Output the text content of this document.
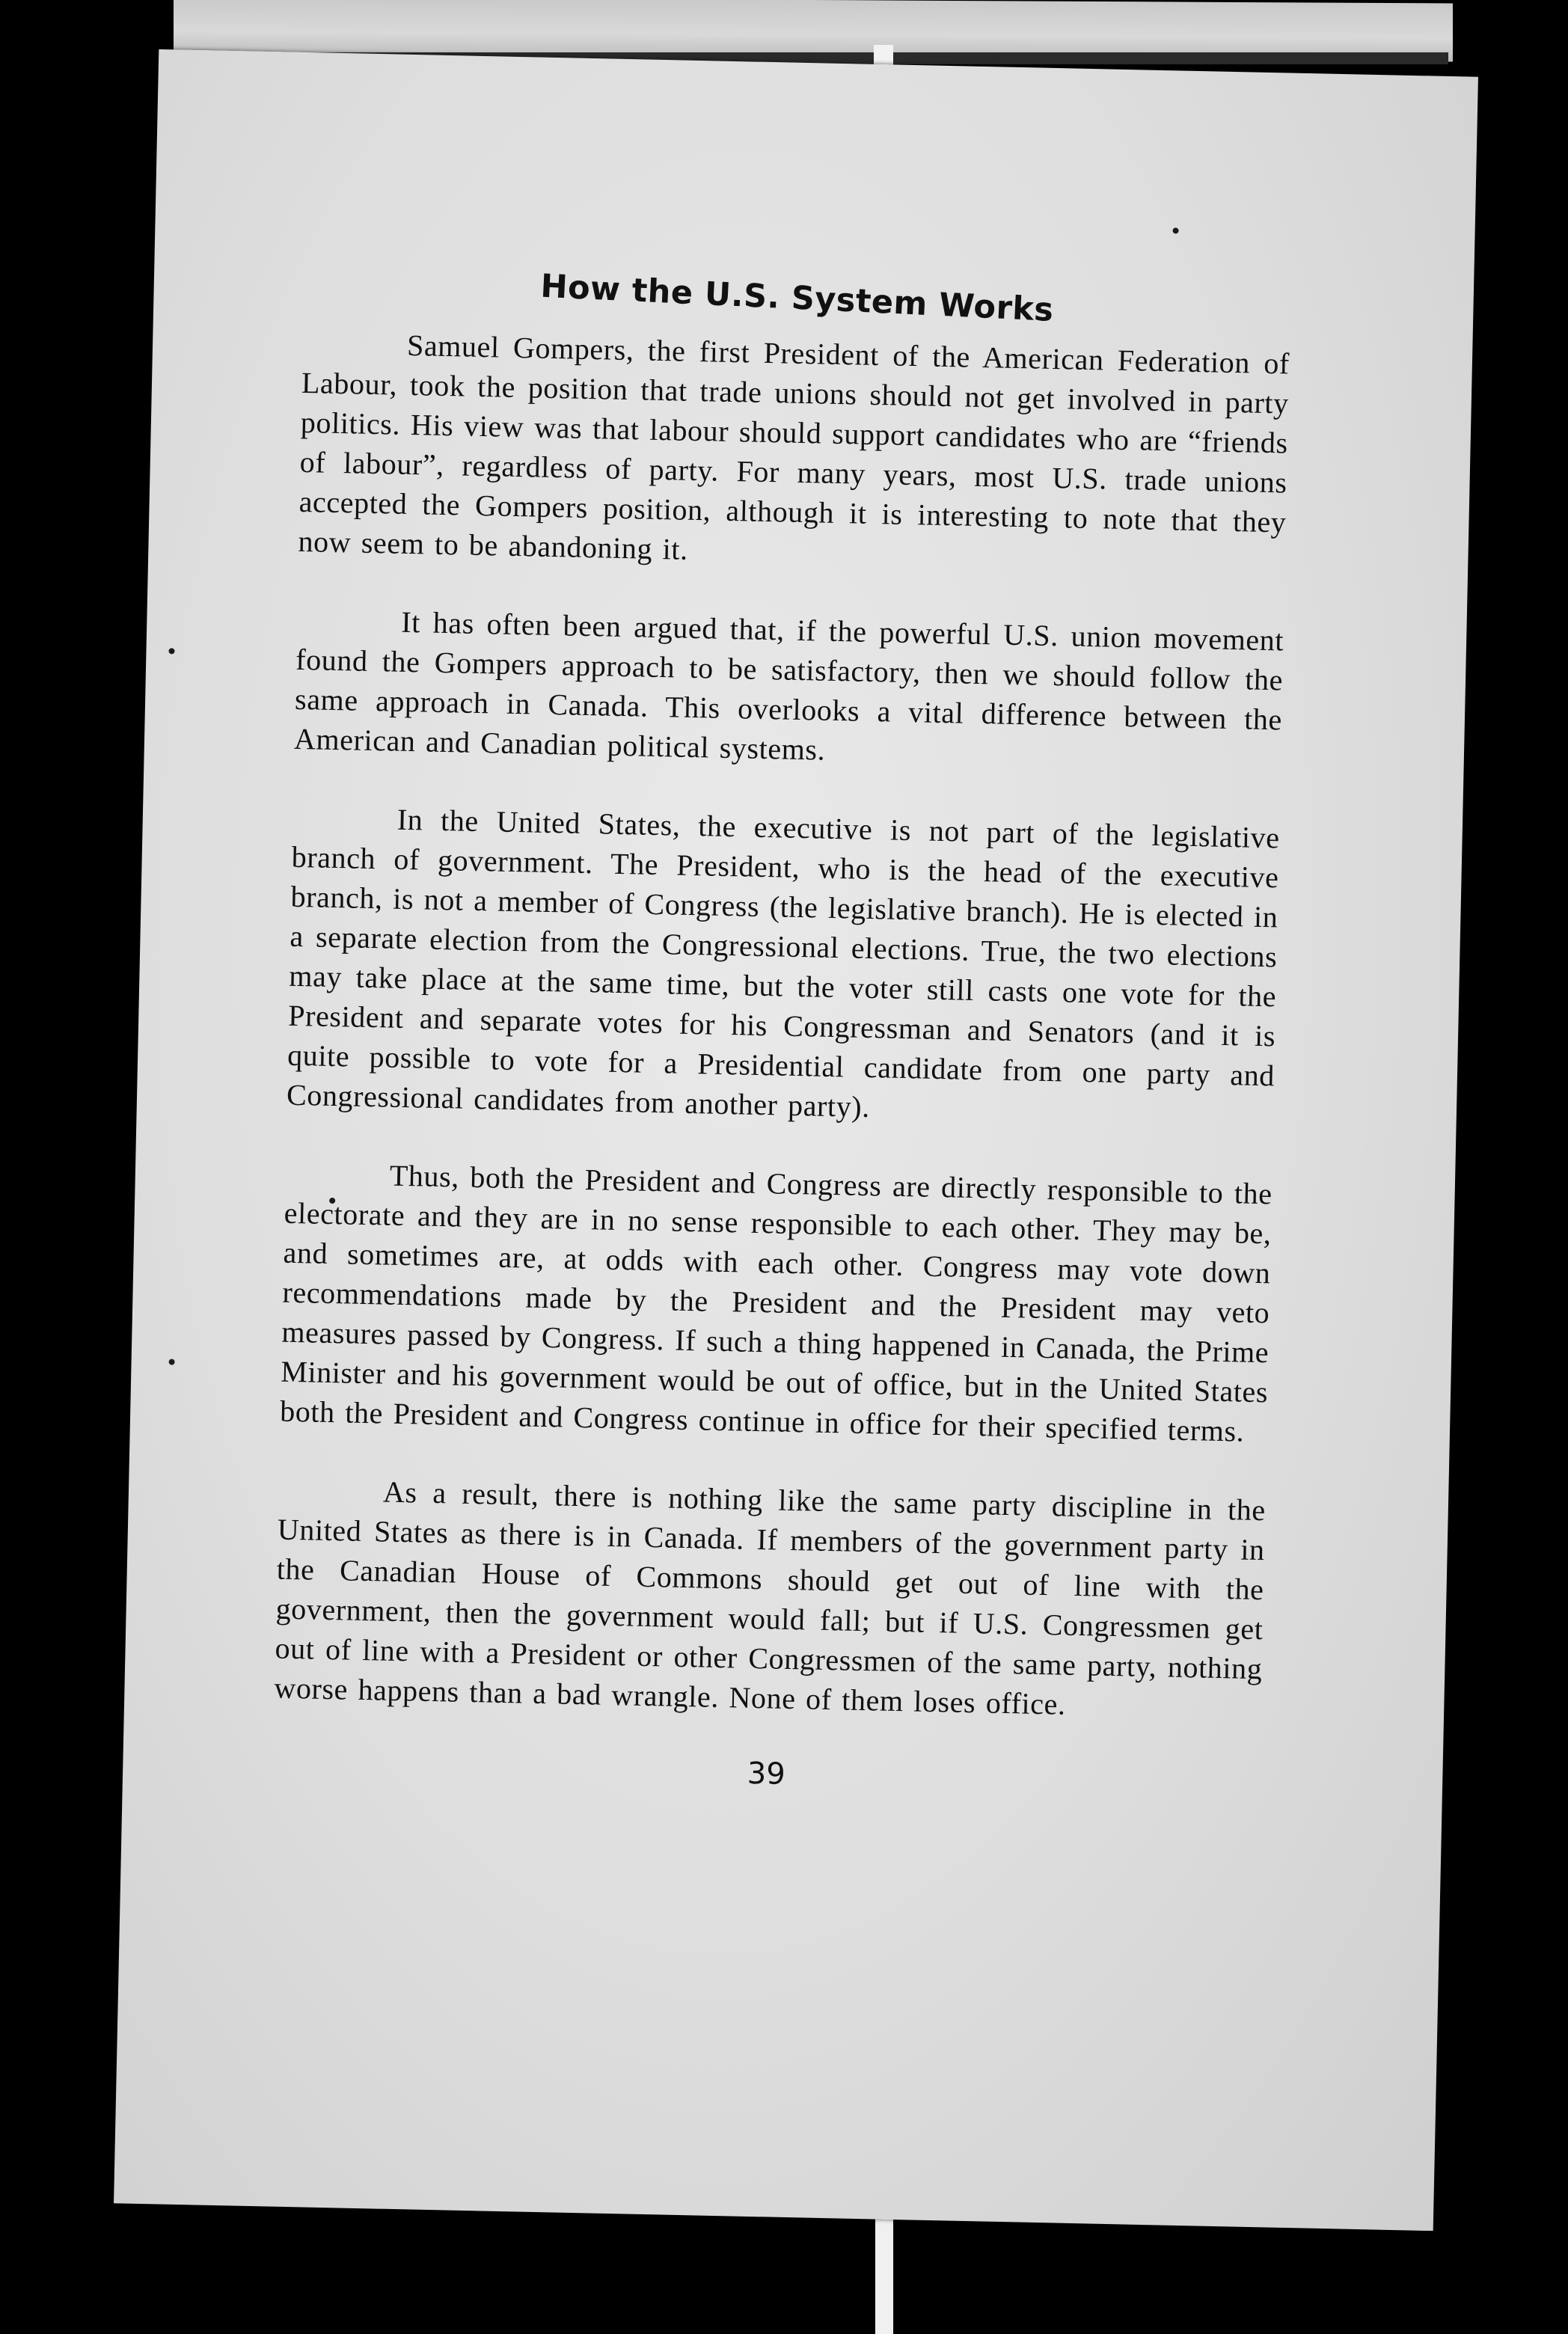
How the U.S. System Works

Samuel Gompers, the first President of the American Federation of Labour, took the position that trade unions should not get involved in party politics. His view was that labour should support candidates who are “friends of labour”, regardless of party. For many years, most U.S. trade unions accepted the Gompers position, although it is interesting to note that they now seem to be abandoning it.

It has often been argued that, if the powerful U.S. union movement found the Gompers approach to be satisfactory, then we should follow the same approach in Canada. This overlooks a vital difference between the American and Canadian political systems.

In the United States, the executive is not part of the legislative branch of government. The President, who is the head of the executive branch, is not a member of Congress (the legislative branch). He is elected in a separate election from the Congressional elections. True, the two elections may take place at the same time, but the voter still casts one vote for the President and separate votes for his Congressman and Senators (and it is quite possible to vote for a Presidential candidate from one party and Congressional candidates from another party).

Thus, both the President and Congress are directly responsible to the electorate and they are in no sense responsible to each other. They may be, and sometimes are, at odds with each other. Congress may vote down recommendations made by the President and the President may veto measures passed by Congress. If such a thing happened in Canada, the Prime Minister and his government would be out of office, but in the United States both the President and Congress continue in office for their specified terms.

As a result, there is nothing like the same party discipline in the United States as there is in Canada. If members of the government party in the Canadian House of Commons should get out of line with the government, then the government would fall; but if U.S. Congressmen get out of line with a President or other Congressmen of the same party, nothing worse happens than a bad wrangle. None of them loses office.

39
